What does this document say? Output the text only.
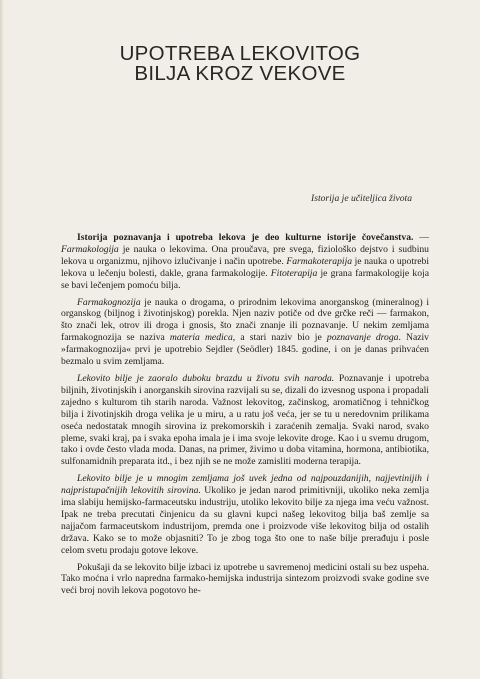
UPOTREBA LEKOVITOG
BILJA KROZ VEKOVE
Istorija je učiteljica života

Istorija poznavanja i upotreba lekova je deo kulturne istorije čovečanstva. — Farmakologija je nauka o lekovima. Ona proučava, pre svega, fiziološko dejstvo i sudbinu lekova u organizmu, njihovo izlučivanje i način upotrebe. Farmakoterapija je nauka o upotrebi lekova u lečenju bolesti, dakle, grana farmakologije. Fitoterapija je grana farmakologije koja se bavi lečenjem pomoću bilja.

Farmakognozija je nauka o drogama, o prirodnim lekovima anorganskog (mineralnog) i organskog (biljnog i životinjskog) porekla. Njen naziv potiče od dve grčke reči — farmakon, što znači lek, otrov ili droga i gnosis, što znači znanje ili poznavanje. U nekim zemljama farmakognozija se naziva materia medica, a stari naziv bio je poznavanje droga. Naziv »farmakognozija« prvi je upotrebio Sejdler (Seödler) 1845. godine, i on je danas prihvaćen bezmalo u svim zemljama.

Lekovito bilje je zaoralo duboku brazdu u životu svih naroda. Poznavanje i upotreba biljnih, životinjskih i anorganskih sirovina razvijali su se, dizali do izvesnog uspona i propadali zajedno s kulturom tih starih naroda. Važnost lekovitog, začinskog, aromatičnog i tehničkog bilja i životinjskih droga velika je u miru, a u ratu još veća, jer se tu u neredovnim prilikama oseća nedostatak mnogih sirovina iz prekomorskih i zaraćenih zemalja. Svaki narod, svako pleme, svaki kraj, pa i svaka epoha imala je i ima svoje lekovite droge. Kao i u svemu drugom, tako i ovde često vlada moda. Danas, na primer, živimo u doba vitamina, hormona, antibiotika, sulfonamidnih preparata itd., i bez njih se ne može zamisliti moderna terapija.

Lekovito bilje je u mnogim zemljama još uvek jedna od najpouzdanijih, najjevtinijih i najpristupačnijih lekovitih sirovina. Ukoliko je jedan narod primitivniji, ukoliko neka zemlja ima slabiju hemijsko-farmaceutsku industriju, utoliko lekovito bilje za njega ima veću važnost. Ipak ne treba precutati činjenicu da su glavni kupci našeg lekovitog bilja baš zemlje sa najjačom farmaceutskom industrijom, premda one i proizvode više lekovitog bilja od ostalih država. Kako se to može objasniti? To je zbog toga što one to naše bilje prerađuju i posle celom svetu prodaju gotove lekove.

Pokušaji da se lekovito bilje izbaci iz upotrebe u savremenoj medicini ostali su bez uspeha. Tako moćna i vrlo napredna farmako-hemijska industrija sintezom proizvodi svake godine sve veći broj novih lekova pogotovo he-
